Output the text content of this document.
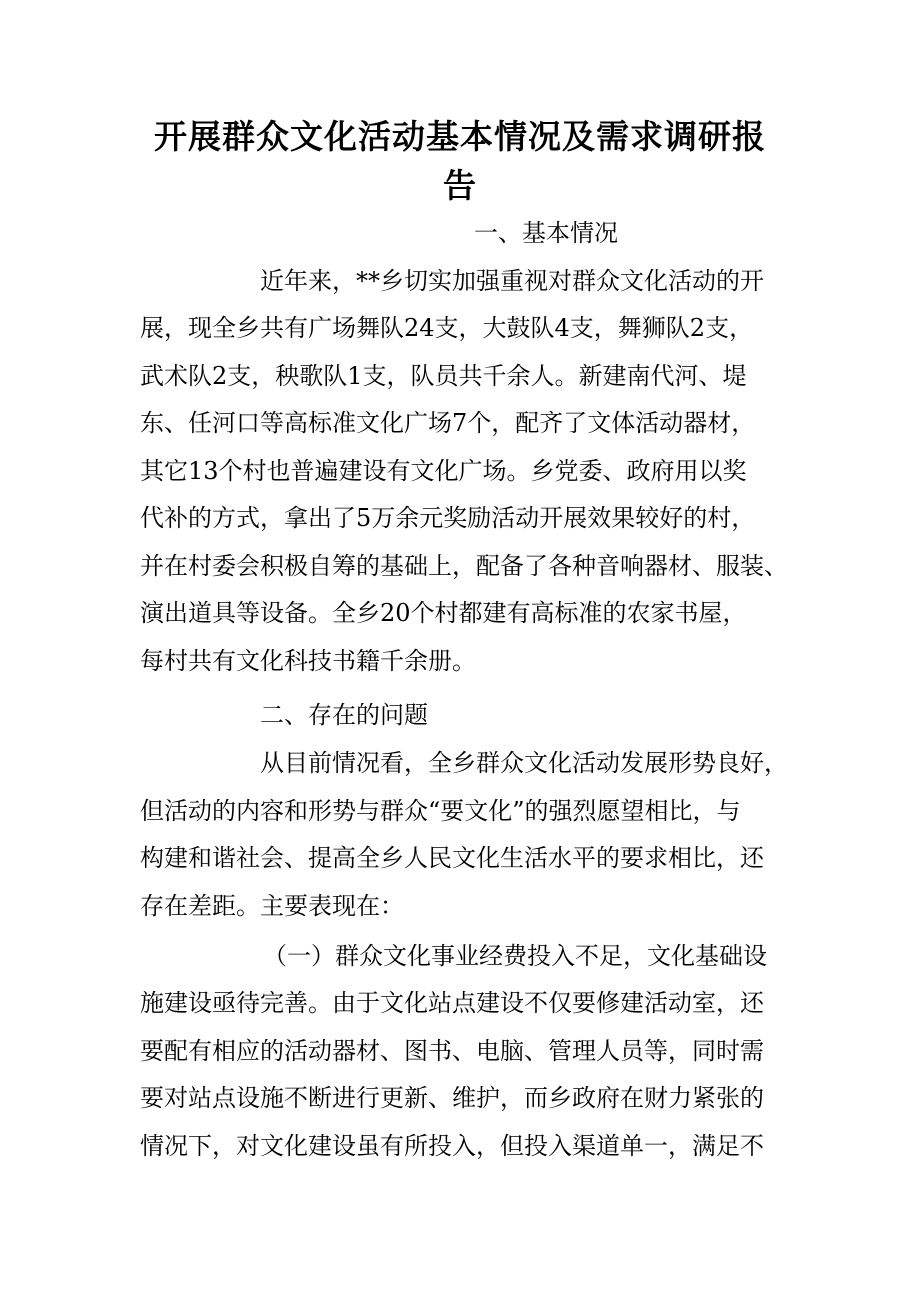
开展群众文化活动基本情况及需求调研报告

一、基本情况

近年来，**乡切实加强重视对群众文化活动的开

展，现全乡共有广场舞队24支，大鼓队4支，舞狮队2支，

武术队2支，秧歌队1支，队员共千余人。新建南代河、堤

东、任河口等高标准文化广场7个，配齐了文体活动器材，

其它13个村也普遍建设有文化广场。乡党委、政府用以奖

代补的方式，拿出了5万余元奖励活动开展效果较好的村，

并在村委会积极自筹的基础上，配备了各种音响器材、服装、

演出道具等设备。全乡20个村都建有高标准的农家书屋，

每村共有文化科技书籍千余册。

二、存在的问题

从目前情况看，全乡群众文化活动发展形势良好，

但活动的内容和形势与群众“要文化”的强烈愿望相比，与

构建和谐社会、提高全乡人民文化生活水平的要求相比，还

存在差距。主要表现在：

（一）群众文化事业经费投入不足，文化基础设

施建设亟待完善。由于文化站点建设不仅要修建活动室，还

要配有相应的活动器材、图书、电脑、管理人员等，同时需

要对站点设施不断进行更新、维护，而乡政府在财力紧张的

情况下，对文化建设虽有所投入，但投入渠道单一，满足不
